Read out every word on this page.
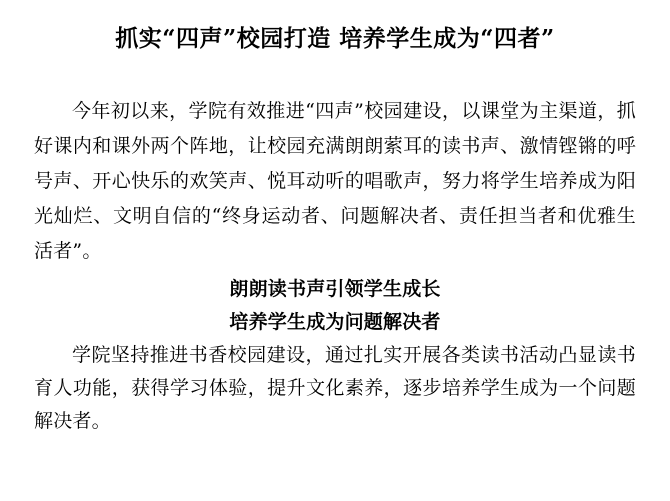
抓实“四声”校园打造 培养学生成为“四者”

今年初以来，学院有效推进“四声”校园建设，以课堂为主渠道，抓好课内和课外两个阵地，让校园充满朗朗萦耳的读书声、激情铿锵的呼号声、开心快乐的欢笑声、悦耳动听的唱歌声，努力将学生培养成为阳光灿烂、文明自信的“终身运动者、问题解决者、责任担当者和优雅生活者”。

朗朗读书声引领学生成长

培养学生成为问题解决者

学院坚持推进书香校园建设，通过扎实开展各类读书活动凸显读书育人功能，获得学习体验，提升文化素养，逐步培养学生成为一个问题解决者。
